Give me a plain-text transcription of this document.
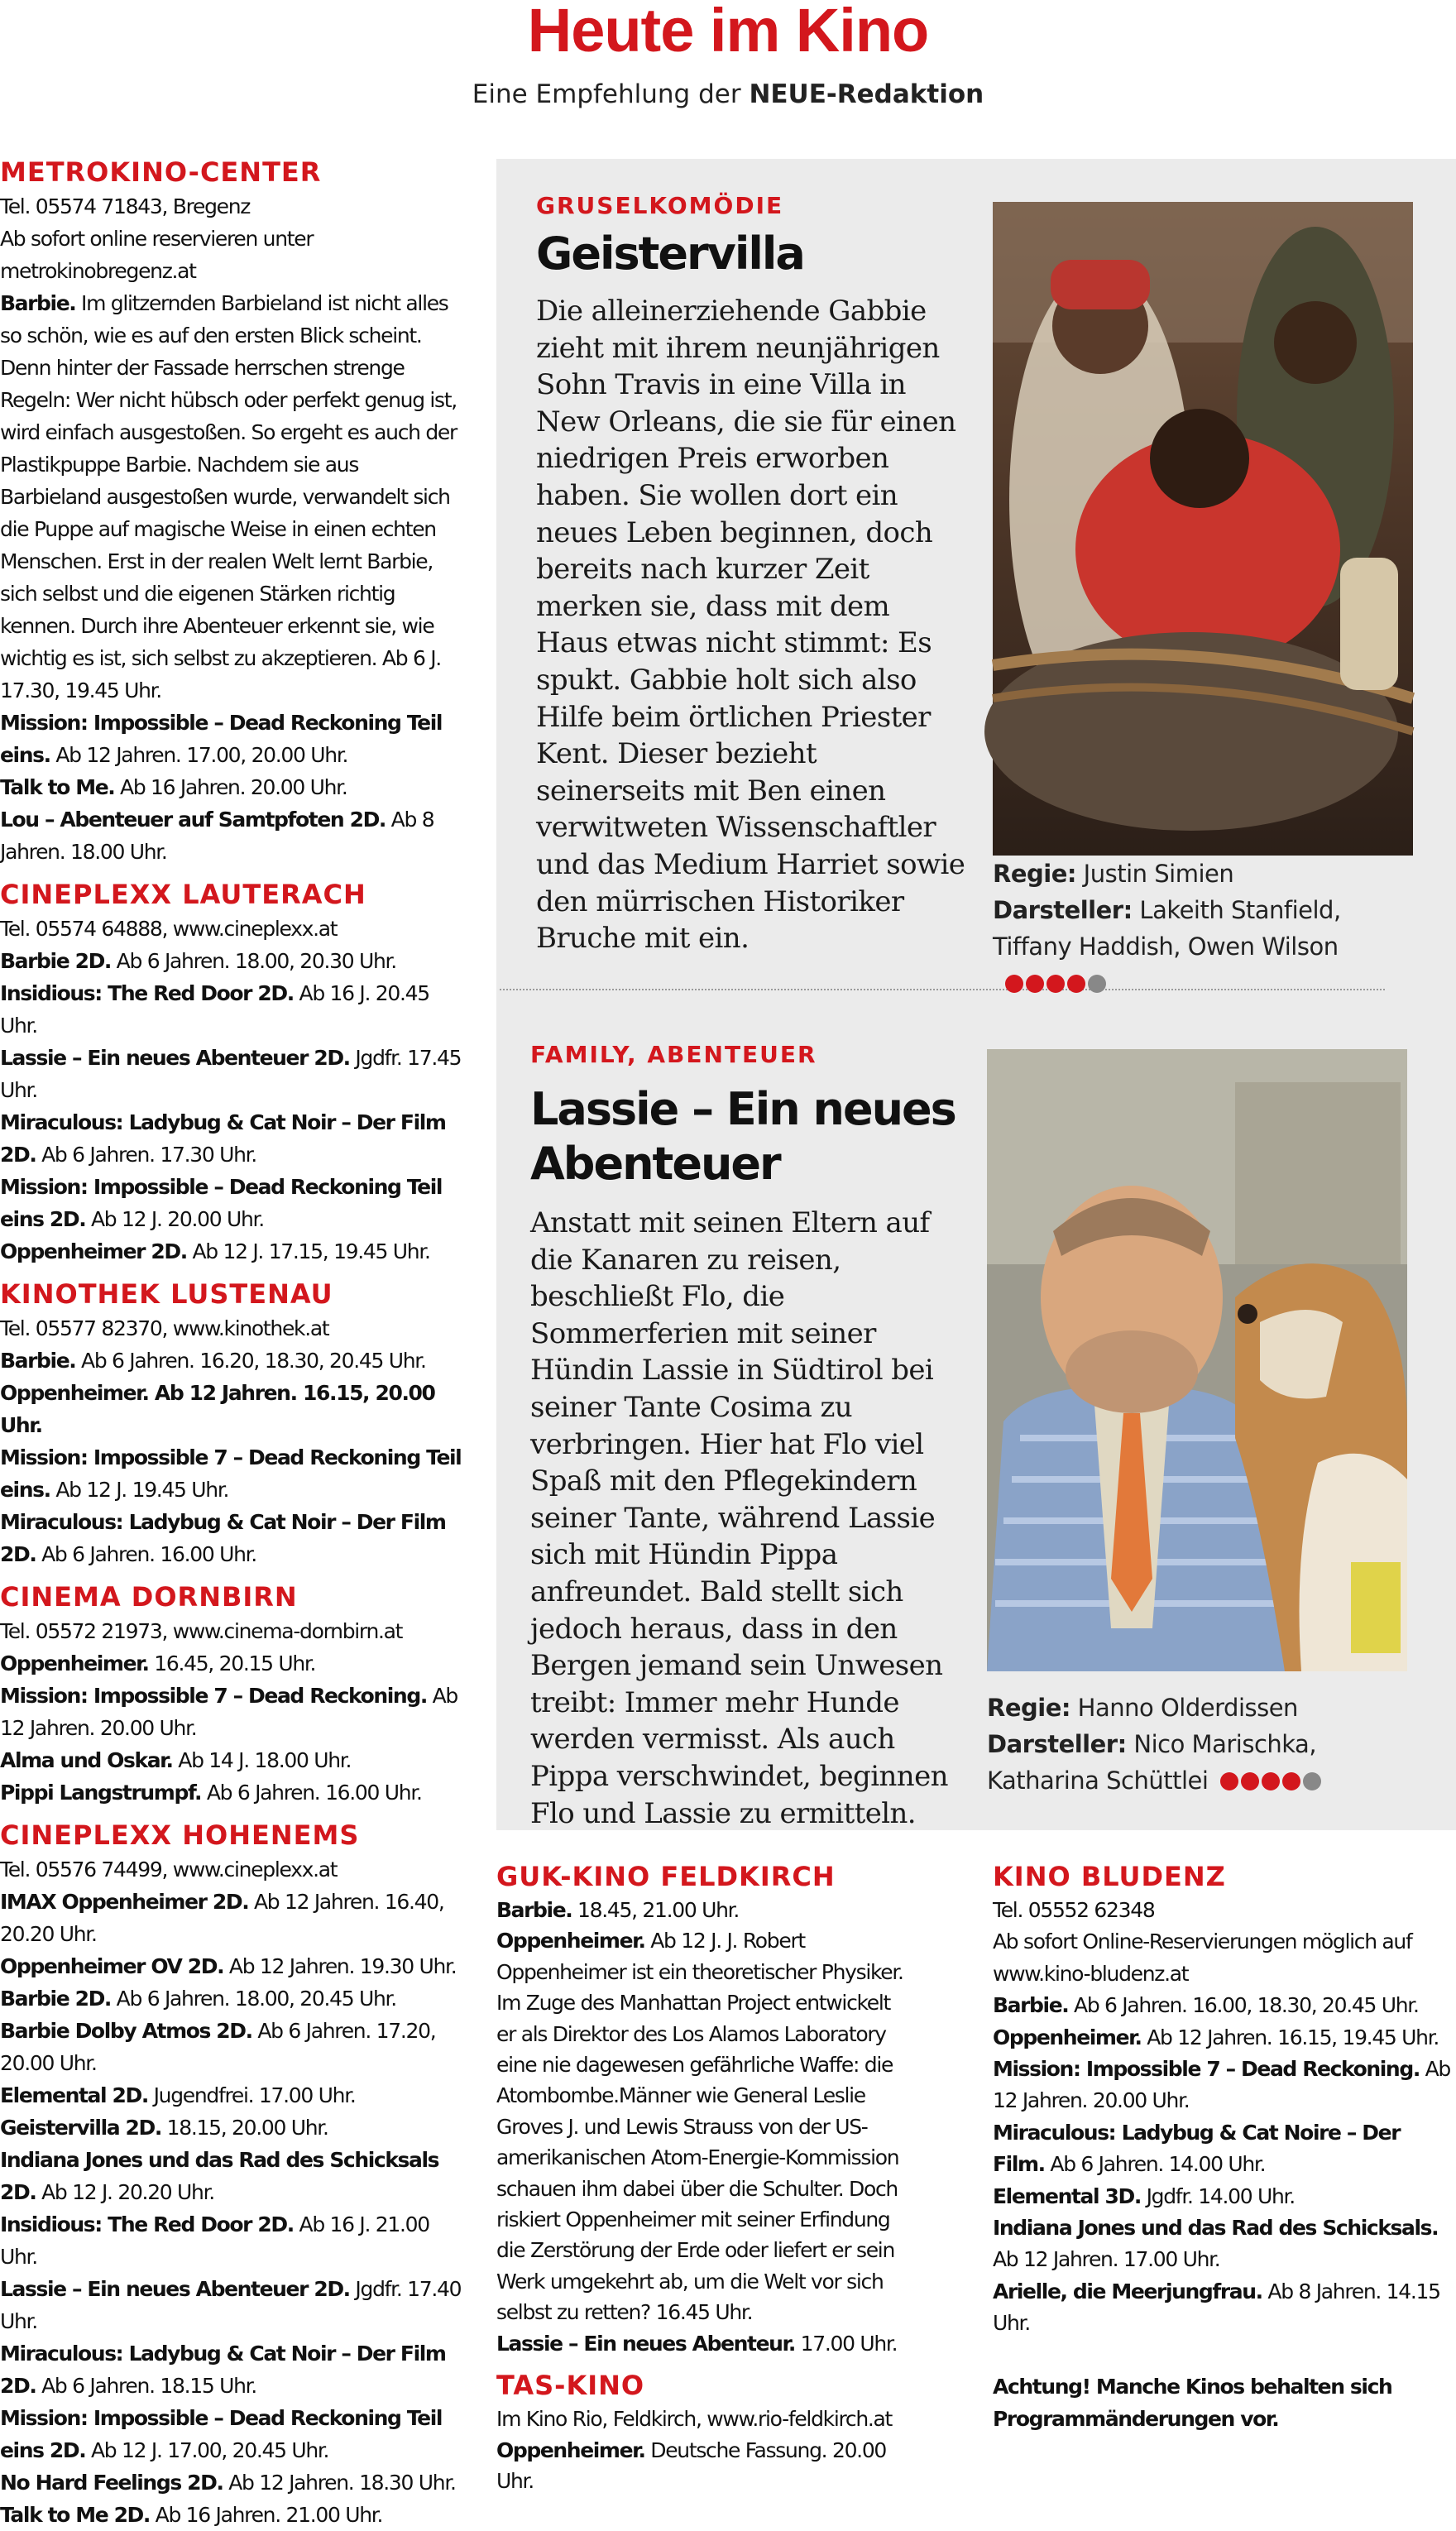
Heute im Kino
Eine Empfehlung der NEUE-Redaktion
METROKINO-CENTER

Tel. 05574 71843, Bregenz

Ab sofort online reservieren unter metrokinobregenz.at

Barbie. Im glitzernden Barbieland ist nicht alles so schön, wie es auf den ersten Blick scheint. Denn hinter der Fassade herrschen strenge Regeln: Wer nicht hübsch oder perfekt genug ist, wird einfach ausgestoßen. So ergeht es auch der Plastikpuppe Barbie. Nachdem sie aus Barbieland ausgestoßen wurde, verwandelt sich die Puppe auf magische Weise in einen echten Menschen. Erst in der realen Welt lernt Barbie, sich selbst und die eigenen Stärken richtig kennen. Durch ihre Abenteuer erkennt sie, wie wichtig es ist, sich selbst zu akzeptieren. Ab 6 J. 17.30, 19.45 Uhr.

Mission: Impossible – Dead Reckoning Teil eins. Ab 12 Jahren. 17.00, 20.00 Uhr.

Talk to Me. Ab 16 Jahren. 20.00 Uhr.

Lou – Abenteuer auf Samtpfoten 2D. Ab 8 Jahren. 18.00 Uhr.

CINEPLEXX LAUTERACH

Tel. 05574 64888, www.cineplexx.at

Barbie 2D. Ab 6 Jahren. 18.00, 20.30 Uhr.

Insidious: The Red Door 2D. Ab 16 J. 20.45 Uhr.

Lassie – Ein neues Abenteuer 2D. Jgdfr. 17.45 Uhr.

Miraculous: Ladybug & Cat Noir – Der Film 2D. Ab 6 Jahren. 17.30 Uhr.

Mission: Impossible – Dead Reckoning Teil eins 2D. Ab 12 J. 20.00 Uhr.

Oppenheimer 2D. Ab 12 J. 17.15, 19.45 Uhr.

KINOTHEK LUSTENAU

Tel. 05577 82370, www.kinothek.at

Barbie. Ab 6 Jahren. 16.20, 18.30, 20.45 Uhr.

Oppenheimer. Ab 12 Jahren. 16.15, 20.00 Uhr.

Mission: Impossible 7 – Dead Reckoning Teil eins. Ab 12 J. 19.45 Uhr.

Miraculous: Ladybug & Cat Noir – Der Film 2D. Ab 6 Jahren. 16.00 Uhr.

CINEMA DORNBIRN

Tel. 05572 21973, www.cinema-dornbirn.at

Oppenheimer. 16.45, 20.15 Uhr.

Mission: Impossible 7 – Dead Reckoning. Ab 12 Jahren. 20.00 Uhr.

Alma und Oskar. Ab 14 J. 18.00 Uhr.

Pippi Langstrumpf. Ab 6 Jahren. 16.00 Uhr.

CINEPLEXX HOHENEMS

Tel. 05576 74499, www.cineplexx.at

IMAX Oppenheimer 2D. Ab 12 Jahren. 16.40, 20.20 Uhr.

Oppenheimer OV 2D. Ab 12 Jahren. 19.30 Uhr.

Barbie 2D. Ab 6 Jahren. 18.00, 20.45 Uhr.

Barbie Dolby Atmos 2D. Ab 6 Jahren. 17.20, 20.00 Uhr.

Elemental 2D. Jugendfrei. 17.00 Uhr.

Geistervilla 2D. 18.15, 20.00 Uhr.

Indiana Jones und das Rad des Schicksals 2D. Ab 12 J. 20.20 Uhr.

Insidious: The Red Door 2D. Ab 16 J. 21.00 Uhr.

Lassie – Ein neues Abenteuer 2D. Jgdfr. 17.40 Uhr.

Miraculous: Ladybug & Cat Noir – Der Film 2D. Ab 6 Jahren. 18.15 Uhr.

Mission: Impossible – Dead Reckoning Teil eins 2D. Ab 12 J. 17.00, 20.45 Uhr.

No Hard Feelings 2D. Ab 12 Jahren. 18.30 Uhr.

Talk to Me 2D. Ab 16 Jahren. 21.00 Uhr.

GRUSELKOMÖDIE
Geistervilla
Die alleinerziehende Gabbie zieht mit ihrem neunjährigen Sohn Travis in eine Villa in New Orleans, die sie für einen niedrigen Preis erworben haben. Sie wollen dort ein neues Leben beginnen, doch bereits nach kurzer Zeit merken sie, dass mit dem Haus etwas nicht stimmt: Es spukt. Gabbie holt sich also Hilfe beim örtlichen Priester Kent. Dieser bezieht seinerseits mit Ben einen verwitweten Wissenschaftler und das Medium Harriet sowie den mürrischen Historiker Bruche mit ein.
Regie: Justin Simien
Darsteller: Lakeith Stanfield, Tiffany Haddish, Owen Wilson
FAMILY, ABENTEUER
Lassie – Ein neues
Abenteuer
Anstatt mit seinen Eltern auf die Kanaren zu reisen, beschließt Flo, die Sommerferien mit seiner Hündin Lassie in Südtirol bei seiner Tante Cosima zu verbringen. Hier hat Flo viel Spaß mit den Pflegekindern seiner Tante, während Lassie sich mit Hündin Pippa anfreundet. Bald stellt sich jedoch heraus, dass in den Bergen jemand sein Unwesen treibt: Immer mehr Hunde werden vermisst. Als auch Pippa verschwindet, beginnen Flo und Lassie zu ermitteln.
Regie: Hanno Olderdissen
Darsteller: Nico Marischka, Katharina Schüttlei
GUK-KINO FELDKIRCH

Barbie. 18.45, 21.00 Uhr.

Oppenheimer. Ab 12 J. J. Robert Oppenheimer ist ein theoretischer Physiker. Im Zuge des Manhattan Project entwickelt er als Direktor des Los Alamos Laboratory eine nie dagewesen gefährliche Waffe: die Atombombe.Männer wie General Leslie Groves J. und Lewis Strauss von der US-amerikanischen Atom-Energie-Kommission schauen ihm dabei über die Schulter. Doch riskiert Oppenheimer mit seiner Erfindung die Zerstörung der Erde oder liefert er sein Werk umgekehrt ab, um die Welt vor sich selbst zu retten? 16.45 Uhr.

Lassie – Ein neues Abenteur. 17.00 Uhr.

TAS-KINO

Im Kino Rio, Feldkirch, www.rio-feldkirch.at

Oppenheimer. Deutsche Fassung. 20.00 Uhr.

KINO BLUDENZ

Tel. 05552 62348

Ab sofort Online-Reservierungen möglich auf www.kino-bludenz.at

Barbie. Ab 6 Jahren. 16.00, 18.30, 20.45 Uhr.

Oppenheimer. Ab 12 Jahren. 16.15, 19.45 Uhr.

Mission: Impossible 7 – Dead Reckoning. Ab 12 Jahren. 20.00 Uhr.

Miraculous: Ladybug & Cat Noire – Der Film. Ab 6 Jahren. 14.00 Uhr.

Elemental 3D. Jgdfr. 14.00 Uhr.

Indiana Jones und das Rad des Schicksals. Ab 12 Jahren. 17.00 Uhr.

Arielle, die Meerjungfrau. Ab 8 Jahren. 14.15 Uhr.

Achtung! Manche Kinos behalten sich Programmänderungen vor.
